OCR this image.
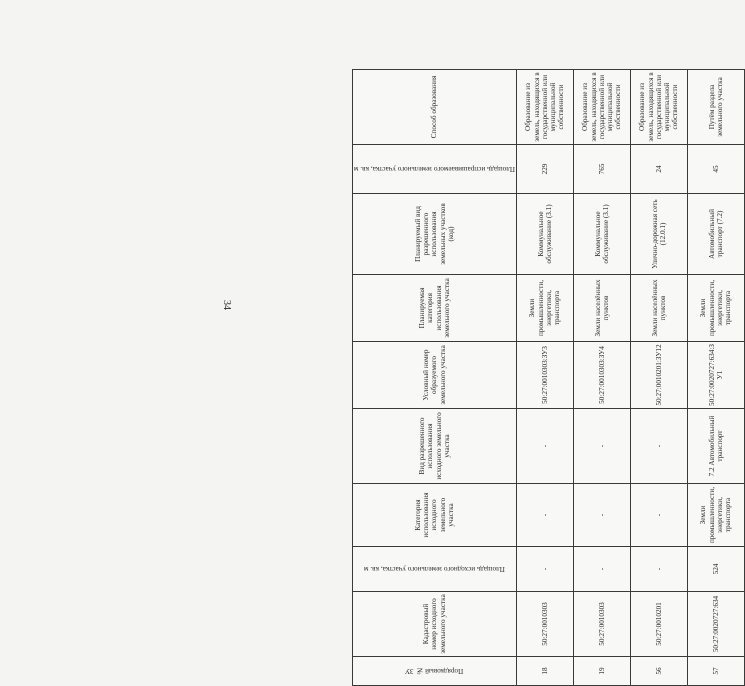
34
Порядковый № ЗУ	Кадастровый номер исходного земельного участка	Площадь исходного земельного участка, кв. м	Категория использования исходного земельного участка	Вид разрешенного использования исходного земельного участка	Условный номер образуемого земельного участка	Планируемая категория использования земельного участка	Планируемый вид разрешенного использования земельных участков (код)	Площадь испрашиваемого земельного участка, кв. м	Способ образования
18	50:27:0010303	-	-	-	50:27:0010303:ЗУ3	Земли промышленности, энергетики, транспорта	Коммунальное обслуживание (3.1)	229	Образование из земель, находящихся в государственной или муниципальной собственности
19	50:27:0010303	-	-	-	50:27:0010303:ЗУ4	Земли населённых пунктов	Коммунальное обслуживание (3.1)	765	Образование из земель, находящихся в государственной или муниципальной собственности
56	50:27:0010201	-	-	-	50:27:0010201:ЗУ12	Земли населённых пунктов	Улично-дорожная сеть (12.0.1)	24	Образование из земель, находящихся в государственной или муниципальной собственности
57	50:27:0020727:634	524	Земли промышленности, энергетики, транспорта	7.2 Автомобильный транспорт	50:27:0020727:634:ЗУ1	Земли промышленности, энергетики, транспорта	Автомобильный транспорт (7.2)	45	Путём раздела земельного участка
